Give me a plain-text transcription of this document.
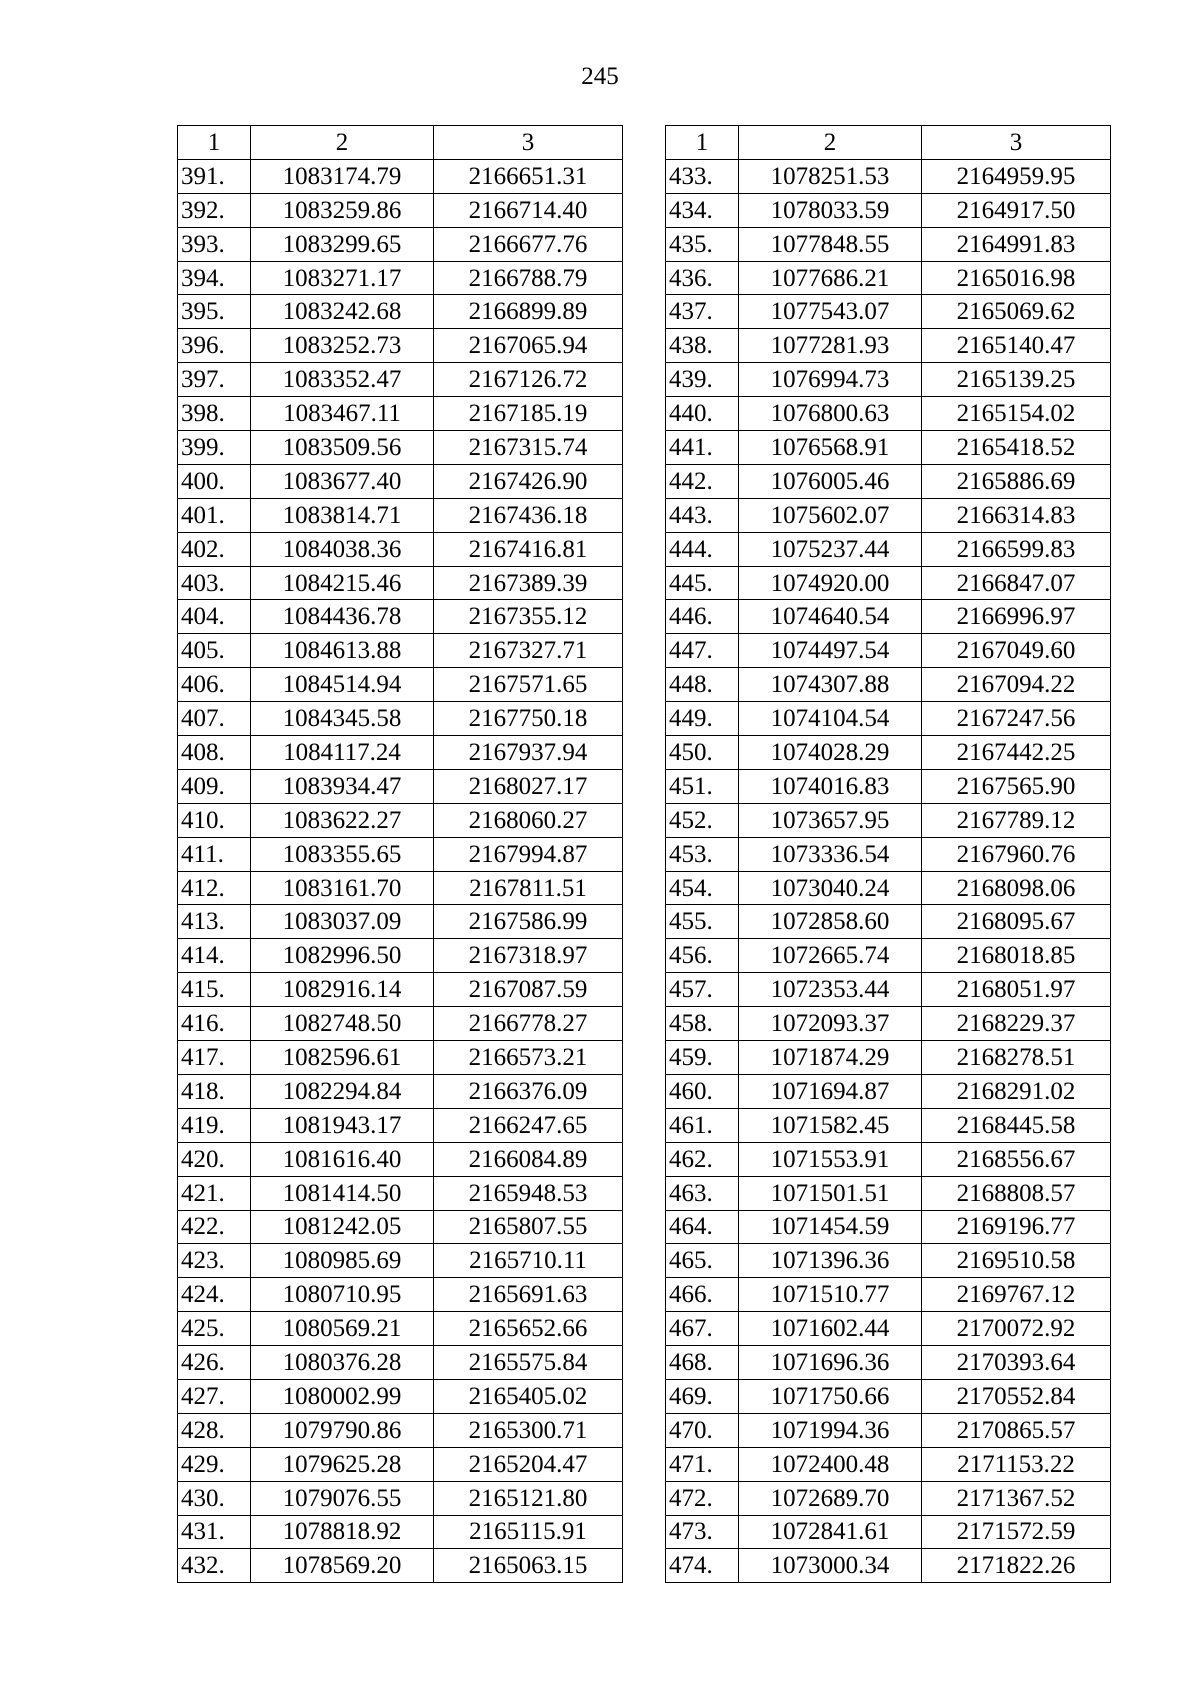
245
1	2	3
391.	1083174.79	2166651.31
392.	1083259.86	2166714.40
393.	1083299.65	2166677.76
394.	1083271.17	2166788.79
395.	1083242.68	2166899.89
396.	1083252.73	2167065.94
397.	1083352.47	2167126.72
398.	1083467.11	2167185.19
399.	1083509.56	2167315.74
400.	1083677.40	2167426.90
401.	1083814.71	2167436.18
402.	1084038.36	2167416.81
403.	1084215.46	2167389.39
404.	1084436.78	2167355.12
405.	1084613.88	2167327.71
406.	1084514.94	2167571.65
407.	1084345.58	2167750.18
408.	1084117.24	2167937.94
409.	1083934.47	2168027.17
410.	1083622.27	2168060.27
411.	1083355.65	2167994.87
412.	1083161.70	2167811.51
413.	1083037.09	2167586.99
414.	1082996.50	2167318.97
415.	1082916.14	2167087.59
416.	1082748.50	2166778.27
417.	1082596.61	2166573.21
418.	1082294.84	2166376.09
419.	1081943.17	2166247.65
420.	1081616.40	2166084.89
421.	1081414.50	2165948.53
422.	1081242.05	2165807.55
423.	1080985.69	2165710.11
424.	1080710.95	2165691.63
425.	1080569.21	2165652.66
426.	1080376.28	2165575.84
427.	1080002.99	2165405.02
428.	1079790.86	2165300.71
429.	1079625.28	2165204.47
430.	1079076.55	2165121.80
431.	1078818.92	2165115.91
432.	1078569.20	2165063.15
1	2	3
433.	1078251.53	2164959.95
434.	1078033.59	2164917.50
435.	1077848.55	2164991.83
436.	1077686.21	2165016.98
437.	1077543.07	2165069.62
438.	1077281.93	2165140.47
439.	1076994.73	2165139.25
440.	1076800.63	2165154.02
441.	1076568.91	2165418.52
442.	1076005.46	2165886.69
443.	1075602.07	2166314.83
444.	1075237.44	2166599.83
445.	1074920.00	2166847.07
446.	1074640.54	2166996.97
447.	1074497.54	2167049.60
448.	1074307.88	2167094.22
449.	1074104.54	2167247.56
450.	1074028.29	2167442.25
451.	1074016.83	2167565.90
452.	1073657.95	2167789.12
453.	1073336.54	2167960.76
454.	1073040.24	2168098.06
455.	1072858.60	2168095.67
456.	1072665.74	2168018.85
457.	1072353.44	2168051.97
458.	1072093.37	2168229.37
459.	1071874.29	2168278.51
460.	1071694.87	2168291.02
461.	1071582.45	2168445.58
462.	1071553.91	2168556.67
463.	1071501.51	2168808.57
464.	1071454.59	2169196.77
465.	1071396.36	2169510.58
466.	1071510.77	2169767.12
467.	1071602.44	2170072.92
468.	1071696.36	2170393.64
469.	1071750.66	2170552.84
470.	1071994.36	2170865.57
471.	1072400.48	2171153.22
472.	1072689.70	2171367.52
473.	1072841.61	2171572.59
474.	1073000.34	2171822.26
